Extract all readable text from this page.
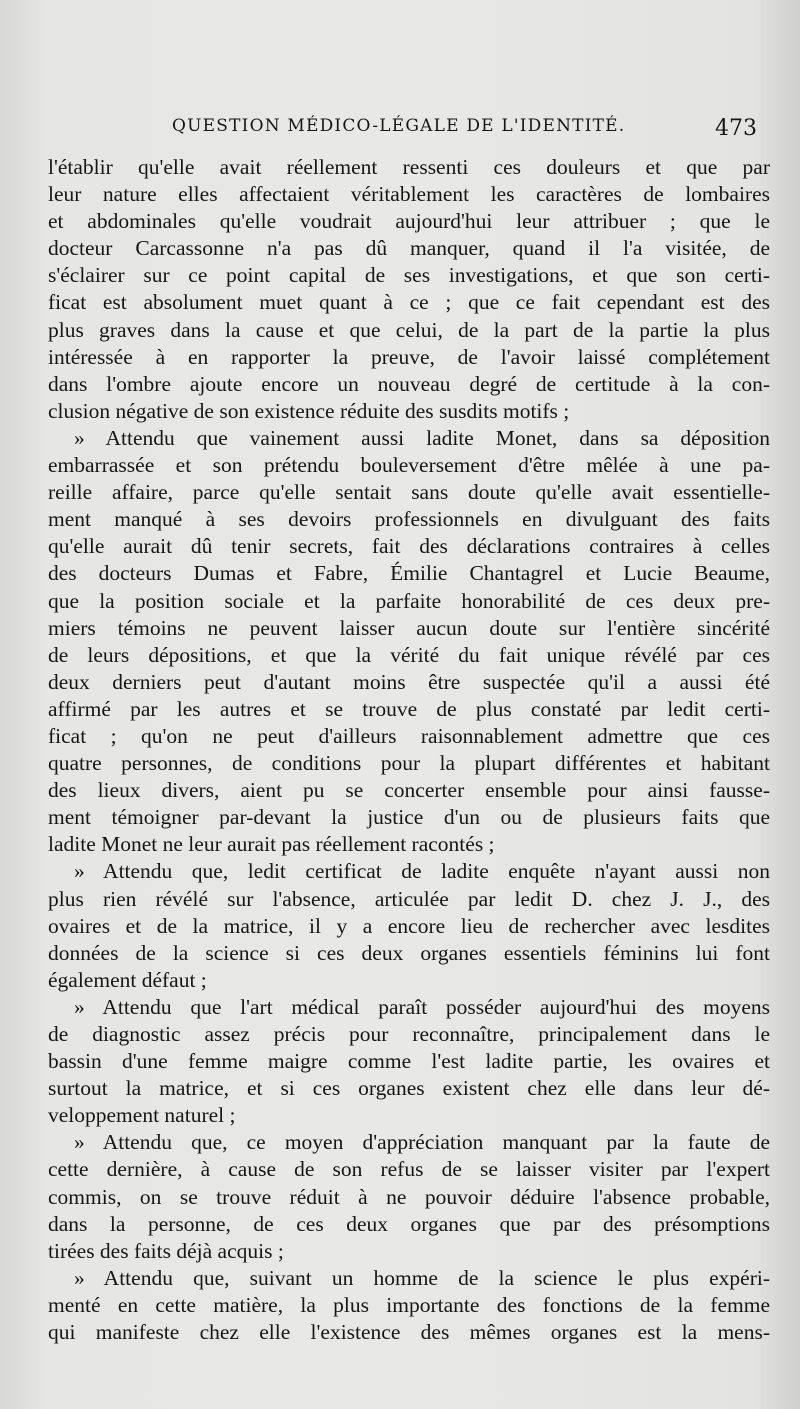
QUESTION MÉDICO-LÉGALE DE L'IDENTITÉ.	473
l'établir qu'elle avait réellement ressenti ces douleurs et que par
leur nature elles affectaient véritablement les caractères de lombaires
et abdominales qu'elle voudrait aujourd'hui leur attribuer ; que le
docteur Carcassonne n'a pas dû manquer, quand il l'a visitée, de
s'éclairer sur ce point capital de ses investigations, et que son certi-
ficat est absolument muet quant à ce ; que ce fait cependant est des
plus graves dans la cause et que celui, de la part de la partie la plus
intéressée à en rapporter la preuve, de l'avoir laissé complétement
dans l'ombre ajoute encore un nouveau degré de certitude à la con-
clusion négative de son existence réduite des susdits motifs ;
» Attendu que vainement aussi ladite Monet, dans sa déposition
embarrassée et son prétendu bouleversement d'être mêlée à une pa-
reille affaire, parce qu'elle sentait sans doute qu'elle avait essentielle-
ment manqué à ses devoirs professionnels en divulguant des faits
qu'elle aurait dû tenir secrets, fait des déclarations contraires à celles
des docteurs Dumas et Fabre, Émilie Chantagrel et Lucie Beaume,
que la position sociale et la parfaite honorabilité de ces deux pre-
miers témoins ne peuvent laisser aucun doute sur l'entière sincérité
de leurs dépositions, et que la vérité du fait unique révélé par ces
deux derniers peut d'autant moins être suspectée qu'il a aussi été
affirmé par les autres et se trouve de plus constaté par ledit certi-
ficat ; qu'on ne peut d'ailleurs raisonnablement admettre que ces
quatre personnes, de conditions pour la plupart différentes et habitant
des lieux divers, aient pu se concerter ensemble pour ainsi fausse-
ment témoigner par-devant la justice d'un ou de plusieurs faits que
ladite Monet ne leur aurait pas réellement racontés ;
» Attendu que, ledit certificat de ladite enquête n'ayant aussi non
plus rien révélé sur l'absence, articulée par ledit D. chez J. J., des
ovaires et de la matrice, il y a encore lieu de rechercher avec lesdites
données de la science si ces deux organes essentiels féminins lui font
également défaut ;
» Attendu que l'art médical paraît posséder aujourd'hui des moyens
de diagnostic assez précis pour reconnaître, principalement dans le
bassin d'une femme maigre comme l'est ladite partie, les ovaires et
surtout la matrice, et si ces organes existent chez elle dans leur dé-
veloppement naturel ;
» Attendu que, ce moyen d'appréciation manquant par la faute de
cette dernière, à cause de son refus de se laisser visiter par l'expert
commis, on se trouve réduit à ne pouvoir déduire l'absence probable,
dans la personne, de ces deux organes que par des présomptions
tirées des faits déjà acquis ;
» Attendu que, suivant un homme de la science le plus expéri-
menté en cette matière, la plus importante des fonctions de la femme
qui manifeste chez elle l'existence des mêmes organes est la mens-
